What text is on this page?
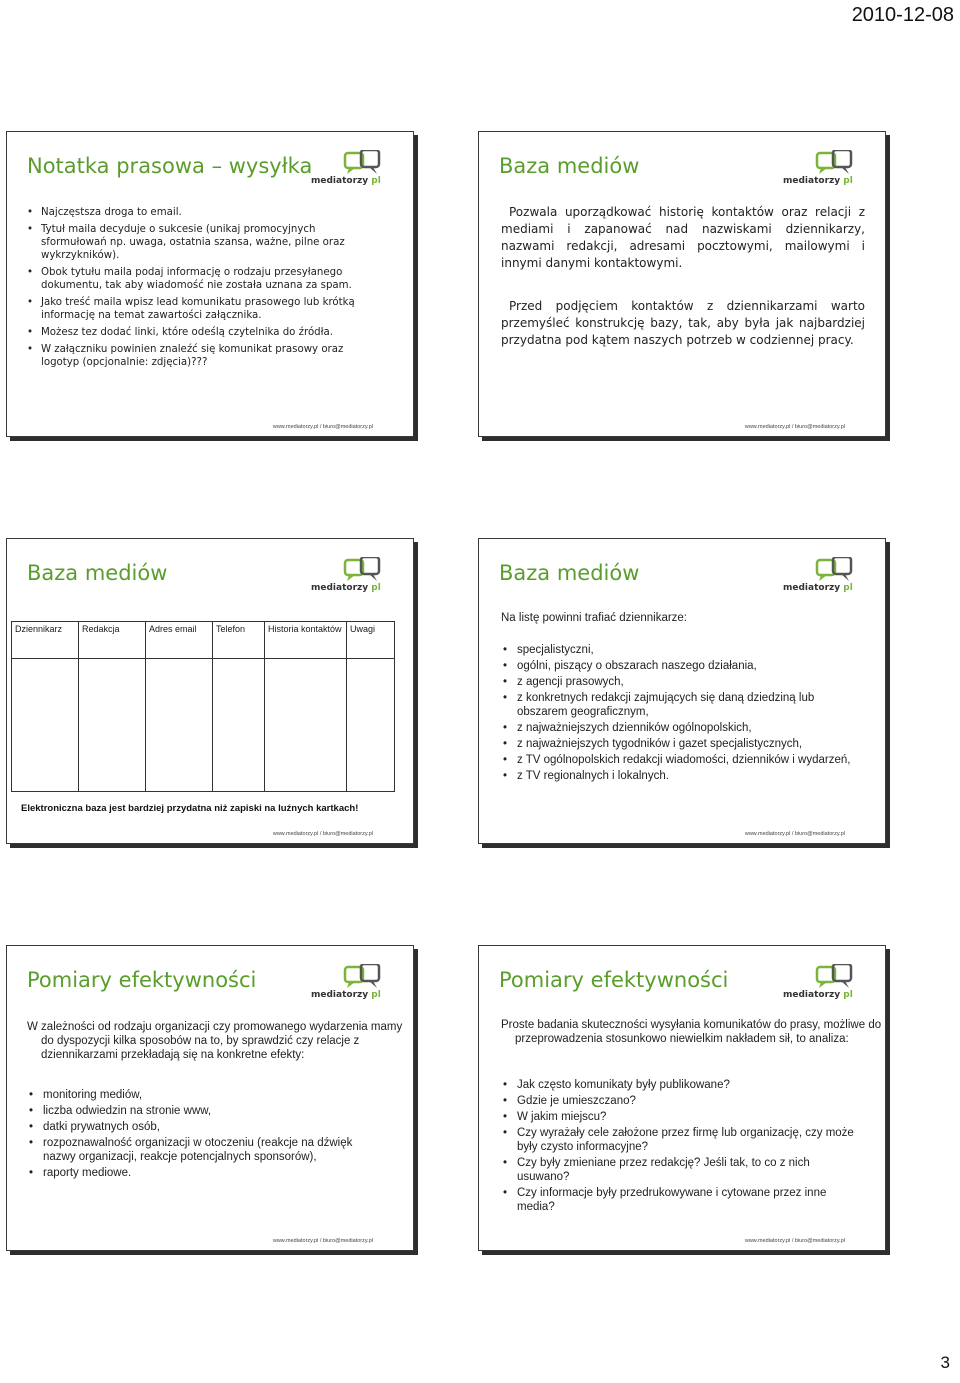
2010-12-08
Notatka prasowa – wysyłka
mediatorzy pl
• Najczęstsza droga to email.
• Tytuł maila decyduje o sukcesie (unikaj promocyjnych sformułowań np. uwaga, ostatnia szansa, ważne, pilne oraz wykrzykników).
• Obok tytułu maila podaj informację o rodzaju przesyłanego dokumentu, tak aby wiadomość nie została uznana za spam.
• Jako treść maila wpisz lead komunikatu prasowego lub krótką informację na temat zawartości załącznika.
• Możesz tez dodać linki, które odeślą czytelnika do źródła.
• W załączniku powinien znaleźć się komunikat prasowy oraz logotyp (opcjonalnie: zdjęcia)???
www.mediatorzy.pl / biuro@mediatorzy.pl
Baza mediów
mediatorzy pl

Pozwala uporządkować historię kontaktów oraz relacji z mediami i zapanować nad nazwiskami dziennikarzy, nazwami redakcji, adresami pocztowymi, mailowymi i innymi danymi kontaktowymi.

Przed podjęciem kontaktów z dziennikarzami warto przemyśleć konstrukcję bazy, tak, aby była jak najbardziej przydatna pod kątem naszych potrzeb w codziennej pracy.

www.mediatorzy.pl / biuro@mediatorzy.pl
Baza mediów
mediatorzy pl
Dziennikarz	Redakcja	Adres email	Telefon	Historia kontaktów	Uwagi

Elektroniczna baza jest bardziej przydatna niż zapiski na luźnych kartkach!
www.mediatorzy.pl / biuro@mediatorzy.pl
Baza mediów
mediatorzy pl

Na listę powinni trafiać dziennikarze:

• specjalistyczni,
• ogólni, piszący o obszarach naszego działania,
• z agencji prasowych,
• z konkretnych redakcji zajmujących się daną dziedziną lub obszarem geograficznym,
• z najważniejszych dzienników ogólnopolskich,
• z najważniejszych tygodników i gazet specjalistycznych,
• z TV ogólnopolskich redakcji wiadomości, dzienników i wydarzeń,
• z TV regionalnych i lokalnych.
www.mediatorzy.pl / biuro@mediatorzy.pl
Pomiary efektywności
mediatorzy pl

W zależności od rodzaju organizacji czy promowanego wydarzenia mamy do dyspozycji kilka sposobów na to, by sprawdzić czy relacje z dziennikarzami przekładają się na konkretne efekty:

• monitoring mediów,
• liczba odwiedzin na stronie www,
• datki prywatnych osób,
• rozpoznawalność organizacji w otoczeniu (reakcje na dźwięk nazwy organizacji, reakcje potencjalnych sponsorów),
• raporty mediowe.
www.mediatorzy.pl / biuro@mediatorzy.pl
Pomiary efektywności
mediatorzy pl

Proste badania skuteczności wysyłania komunikatów do prasy, możliwe do przeprowadzenia stosunkowo niewielkim nakładem sił, to analiza:

• Jak często komunikaty były publikowane?
• Gdzie je umieszczano?
• W jakim miejscu?
• Czy wyrażały cele założone przez firmę lub organizację, czy może były czysto informacyjne?
• Czy były zmieniane przez redakcję? Jeśli tak, to co z nich usuwano?
• Czy informacje były przedrukowywane i cytowane przez inne media?
www.mediatorzy.pl / biuro@mediatorzy.pl
3
